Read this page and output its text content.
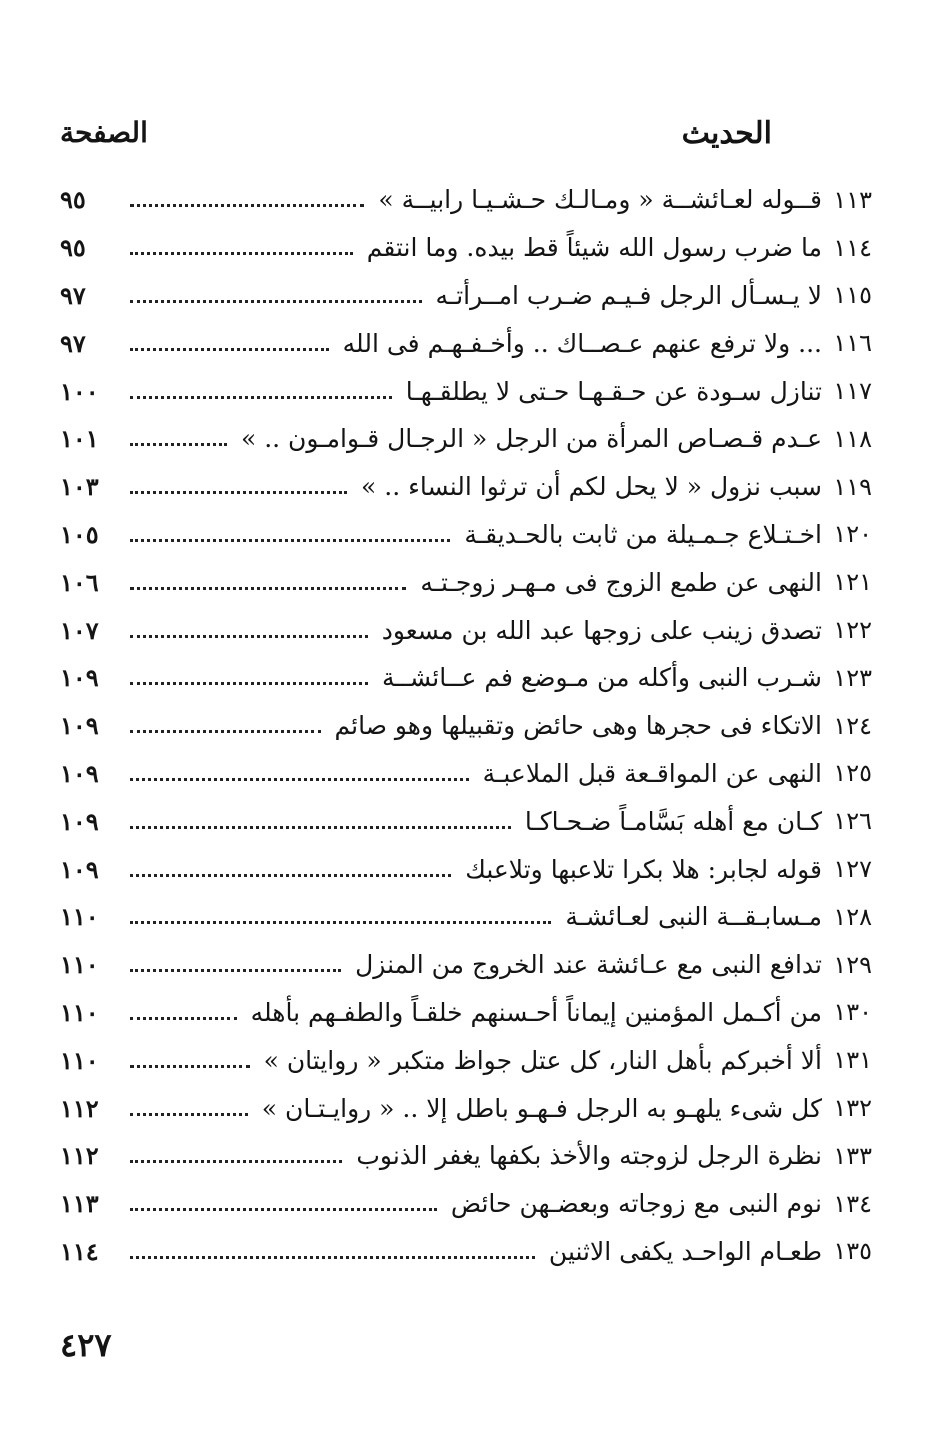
الحديث
الصفحة
١١٣
قــوله لعـائشــة « ومـالـك حـشـيـا رابيــة »
٩٥
١١٤
ما ضرب رسول الله شيئاً قط بيده. وما انتقم
٩٥
١١٥
لا يـسـأل الرجل فـيـم ضـرب امــرأتـه
٩٧
١١٦
... ولا ترفع عنهم عـصــاك .. وأخـفـهـم فى الله
٩٧
١١٧
تنازل سـودة عن حـقـهـا حـتى لا يطلقـهـا
١٠٠
١١٨
عـدم قـصـاص المرأة من الرجل « الرجـال قـوامـون .. »
١٠١
١١٩
سبب نزول « لا يحل لكم أن ترثوا النساء .. »
١٠٣
١٢٠
اخـتـلاع جـمـيلة من ثابت بالحـديقـة
١٠٥
١٢١
النهى عن طمع الزوج فى مـهـر زوجـتـه
١٠٦
١٢٢
تصدق زينب على زوجها عبد الله بن مسعود
١٠٧
١٢٣
شـرب النبى وأكله من مـوضع فم عــائشــة
١٠٩
١٢٤
الاتكاء فى حجرها وهى حائض وتقبيلها وهو صائم
١٠٩
١٢٥
النهى عن المواقـعة قبل الملاعبـة
١٠٩
١٢٦
كـان مع أهله بَسَّامـاً ضـحـاكـا
١٠٩
١٢٧
قوله لجابر: هلا بكرا تلاعبها وتلاعبك
١٠٩
١٢٨
مـسابـقــة النبى لعـائشـة
١١٠
١٢٩
تدافع النبى مع عـائشة عند الخروج من المنزل
١١٠
١٣٠
من أكـمل المؤمنين إيماناً أحـسنهم خلقـاً والطفـهم بأهله
١١٠
١٣١
ألا أخبركم بأهل النار، كل عتل جواظ متكبر « روايتان »
١١٠
١٣٢
كل شىء يلهـو به الرجل فـهـو باطل إلا .. « روايـتـان »
١١٢
١٣٣
نظرة الرجل لزوجته والأخذ بكفها يغفر الذنوب
١١٢
١٣٤
نوم النبى مع زوجاته وبعضـهن حائض
١١٣
١٣٥
طعـام الواحـد يكفى الاثنين
١١٤
٤٢٧
